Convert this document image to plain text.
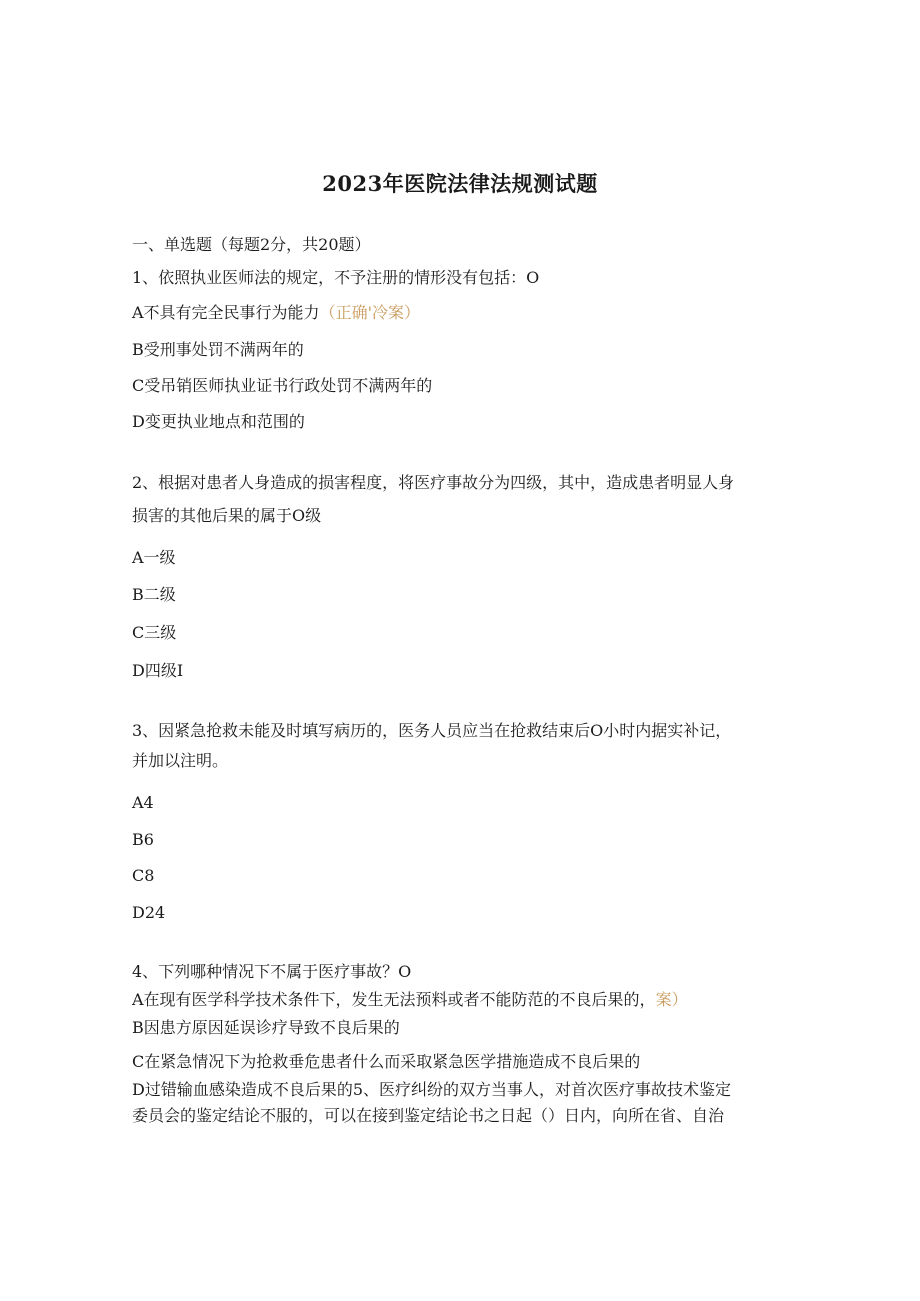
2023年医院法律法规测试题
一、单选题（每题2分，共20题）
1、依照执业医师法的规定，不予注册的情形没有包括：O
A不具有完全民事行为能力（正确'冷案）
B受刑事处罚不满两年的
C受吊销医师执业证书行政处罚不满两年的
D变更执业地点和范围的
2、根据对患者人身造成的损害程度，将医疗事故分为四级，其中，造成患者明显人身
损害的其他后果的属于O级
A一级
B二级
C三级
D四级I
3、因紧急抢救未能及时填写病历的，医务人员应当在抢救结束后O小时内据实补记，
并加以注明。
A4
B6
C8
D24
4、下列哪种情况下不属于医疗事故？O
A在现有医学科学技术条件下，发生无法预料或者不能防范的不良后果的，案）
B因患方原因延误诊疗导致不良后果的
C在紧急情况下为抢救垂危患者什么而采取紧急医学措施造成不良后果的
D过错输血感染造成不良后果的5、医疗纠纷的双方当事人，对首次医疗事故技术鉴定
委员会的鉴定结论不服的，可以在接到鉴定结论书之日起（）日内，向所在省、自治
